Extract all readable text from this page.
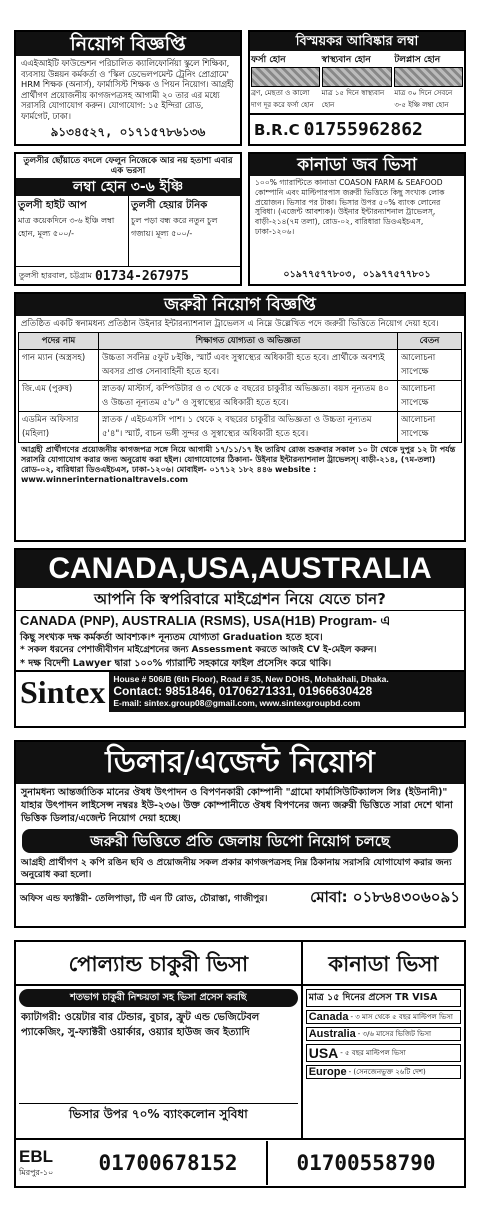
নিয়োগ বিজ্ঞপ্তি
এএইআইটি ফাউন্ডেশন পরিচালিত ক্যালিফোর্নিয়া স্কুলে শিক্ষিকা, ব্যবসায় উন্নয়ন কর্মকর্তা ও 'স্কিল ডেভেলপমেন্ট ট্রেনিং প্রোগ্রামে' HRM শিক্ষক (অনার্স), ফার্মাসিস্ট শিক্ষক ও পিয়ন নিয়োগ। আগ্রহী প্রার্থীগণ প্রয়োজনীয় কাগজপত্রসহ আগামী ২০ তার এর মধ্যে সরাসরি যোগাযোগ করুন। যোগাযোগ: ১৫ ইন্দিরা রোড, ফার্মগেট, ঢাকা।
৯১৩৪৫২৭, ০১৭১৫৭৮৬১৩৬
বিস্ময়কর আবিষ্কার লম্বা
ফর্সা হোন
ব্রণ, মেছতা ও কালো দাগ দূর করে ফর্সা হোন
স্বাস্থ্যবান হোন
মাত্র ১৫ দিনে স্বাস্থ্যবান হোন
টলপ্লাস হোন
মাত্র ৩০ দিনে সেবনে ৩-৫ ইঞ্চি লম্বা হোন
B.R.C 01755962862
তুলসীর ছোঁয়াতে বদলে ফেলুন নিজেকে আর নয় হতাশা এবার এক ভরসা
লম্বা হোন ৩-৬ ইঞ্চি
তুলসী হাইট আপ
মাত্র কয়েকদিনে ৩-৬ ইঞ্চি লম্বা হোন, মূল্য ৫০০/-
তুলসী হেয়ার টনিক
চুল পড়া বন্ধ করে নতুন চুল গজায়। মূল্য ৫০০/-
তুলসী হারবাল, চট্টগ্রাম 01734-267975
কানাডা জব ভিসা
১০০% গ্যারান্টিতে কানাডা COASON FARM & SEAFOOD কোম্পানি এবং মাল্টিপারপাস জরুরী ভিত্তিতে কিছু সংখ্যক লোক প্রয়োজন। ভিসার পর টাকা। ভিসার উপর ৫০% ব্যাংক লোনের সুবিধা। (এজেন্ট আবশ্যক)। উইনার ইন্টারন্যাশনাল ট্রাভেলস্, বাড়ী-২১৪(৭ম তলা), রোড-০২, বারিধারা ডিওএইচএস, ঢাকা-১২০৬।
০১৯৭৭৫৭৭৮০৩, ০১৯৭৭৫৭৭৮০১
জরুরী নিয়োগ বিজ্ঞপ্তি
প্রতিষ্ঠিত একটি স্বনামধন্য প্রতিষ্ঠান উইনার ইন্টারন্যাশনাল ট্রাভেলস এ নিম্নে উল্লেখিত পদে জরুরী ভিত্তিতে নিয়োগ দেয়া হবে।
পদের নাম	শিক্ষাগত যোগ্যতা ও অভিজ্ঞতা	বেতন
গান ম্যান (অস্ত্রসহ)	উচ্চতা সর্বনিম্ন ৫ফুট ৮ইঞ্চি, স্মার্ট এবং সুস্বাস্থ্যের অধিকারী হতে হবে। প্রার্থীকে অবশ্যই অবসর প্রাপ্ত সেনাবাহিনী হতে হবে।	আলোচনা সাপেক্ষে
জি.এম (পুরুষ)	স্নাতক/ মাস্টার্স, কম্পিউটার ও ৩ থেকে ৫ বছরের চাকুরীর অভিজ্ঞতা। বয়স নূন্যতম ৪০ ও উচ্চতা নূন্যতম ৫'৮" ও সুস্বাস্থ্যের অধিকারী হতে হবে।	আলোচনা সাপেক্ষে
এডমিন অফিসার (মহিলা)	স্নাতক / এইচএসসি পাশ। ১ থেকে ২ বছরের চাকুরীর অভিজ্ঞতা ও উচ্চতা নূন্যতম ৫'৪"। স্মার্ট, বাচন ভঙ্গী সুন্দর ও সুস্বাস্থ্যের অধিকারী হতে হবে।	আলোচনা সাপেক্ষে
আগ্রহী প্রার্থীগণের প্রয়োজনীয় কাগজপত্র সঙ্গে নিয়ে আগামী ১৭/১১/১৭ ইং তারিখ রোজ শুক্রবার সকাল ১০ টা থেকে দুপুর ১২ টা পর্যন্ত সরাসরি যোগাযোগ করার জন্য অনুরোধ করা হইল। যোগাযোগের ঠিকানা- উইনার ইন্টারন্যাশনাল ট্রাভেলস্। বাড়ী-২১৪, (৭ম-তলা) রোড-০২, বারিধারা ডিওএইচএস, ঢাকা-১২০৬। মোবাইল- ০১৭১২ ১৮২ ৪৪৬ website : www.winnerinternationaltravels.com
CANADA,USA,AUSTRALIA
আপনি কি স্বপরিবারে মাইগ্রেশন নিয়ে যেতে চান?
CANADA (PNP), AUSTRALIA (RSMS), USA(H1B) Program- এ
কিছু সংখ্যক দক্ষ কর্মকর্তা আবশ্যক।* নূন্যতম যোগ্যতা Graduation হতে হবে।
* সকল ধরনের পেশাজীবীগন মাইগ্রেশনের জন্য Assessment করতে আজই CV ই-মেইল করুন।
* দক্ষ বিদেশী Lawyer দ্বারা ১০০% গ্যারান্টি সহকারে ফাইল প্রসেসিং করে থাকি।
Sintex House # 506/B (6th Floor), Road # 35, New DOHS, Mohakhali, Dhaka.
Contact: 9851846, 01706271331, 01966630428
E-mail: sintex.group08@gmail.com, www.sintexgroupbd.com
ডিলার/এজেন্ট নিয়োগ
সুনামধন্য আন্তর্জাতিক মানের ঔষধ উৎপাদন ও বিপণনকারী কোম্পানী "গ্রামো ফার্মাসিউটিক্যালস লিঃ (ইউনানী)" যাহার উৎপাদন লাইসেন্স নম্বরঃ ইউ-২৩৬। উক্ত কোম্পানীতে ঔষধ বিপণনের জন্য জরুরী ভিত্তিতে সারা দেশে থানা ভিত্তিক ডিলার/এজেন্ট নিয়োগ দেয়া হচ্ছে।
জরুরী ভিত্তিতে প্রতি জেলায় ডিপো নিয়োগ চলছে
আগ্রহী প্রার্থীগণ ২ কপি রঙিন ছবি ও প্রয়োজনীয় সকল প্রকার কাগজপত্রসহ নিম্ন ঠিকানায় সরাসরি যোগাযোগ করার জন্য অনুরোধ করা হলো।
অফিস এন্ড ফ্যাক্টরী- তেলিপাড়া, টি এন টি রোড, চৌরাস্তা, গাজীপুর।	মোবা: ০১৮৬৪৩০৬০৯১
পোল্যান্ড চাকুরী ভিসা	কানাডা ভিসা
শতভাগ চাকুরী নিশ্চয়তা সহ ভিসা প্রসেস করছি
ক্যাটাগরী: ওয়েটার বার টেন্ডার, বুচার, ফ্রুট এন্ড ভেজিটেবল প্যাকেজিং, সু-ফ্যাক্টরী ওয়ার্কার, ওয়্যার হাউজ জব ইত্যাদি
ভিসার উপর ৭০% ব্যাংকলোন সুবিধা
মাত্র ১৫ দিনের প্রসেস TR VISA
Canada - ৩ মাস থেকে ৫ বছর মাল্টিপল ভিসা
Australia - ৩/৬ মাসের ভিজিট ভিসা
USA - ৫ বছর মাল্টিপল ভিসা
Europe - (সেনজেনভুক্ত ২৬টি দেশ)
EBL
মিরপুর-১০	01700678152	01700558790
